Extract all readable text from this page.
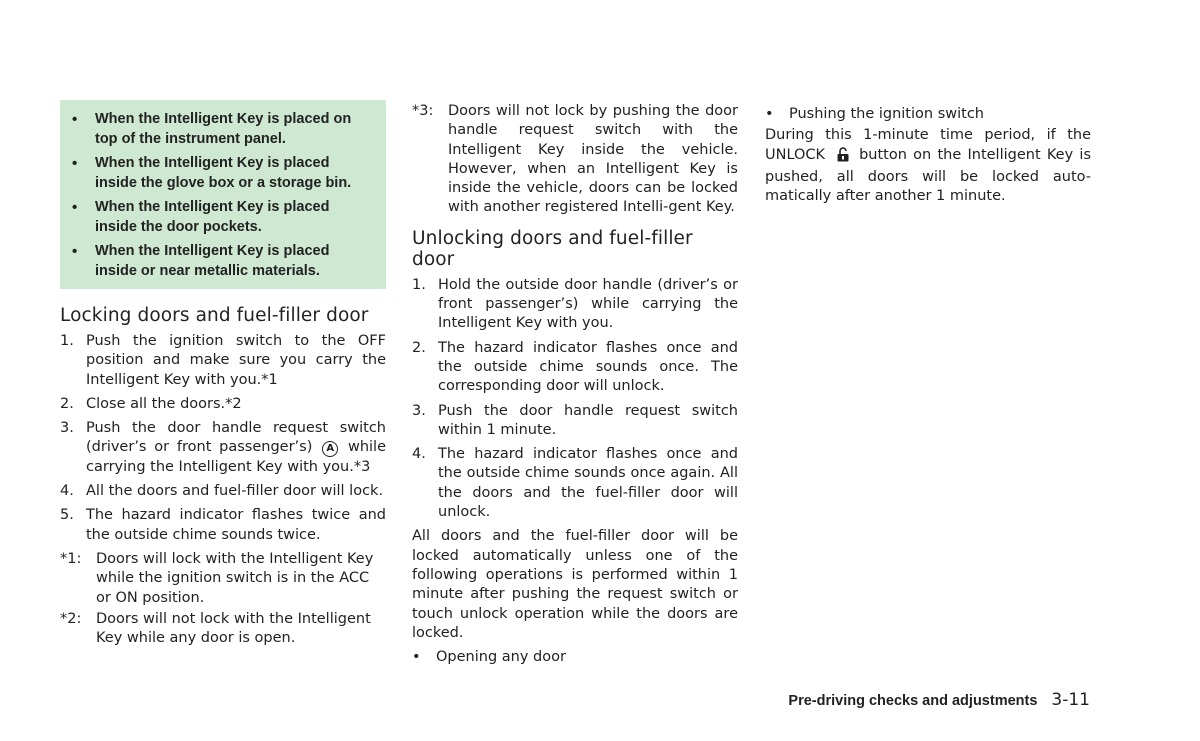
•
When the Intelligent Key is placed on top of the instrument panel.
•
When the Intelligent Key is placed inside the glove box or a storage bin.
•
When the Intelligent Key is placed inside the door pockets.
•
When the Intelligent Key is placed inside or near metallic materials.
Locking doors and fuel-filler door
1. Push the ignition switch to the OFF position and make sure you carry the Intelligent Key with you.*1
2. Close all the doors.*2
3. Push the door handle request switch (driver’s or front passenger’s) A while carrying the Intelligent Key with you.*3
4. All the doors and fuel-filler door will lock.
5. The hazard indicator flashes twice and the outside chime sounds twice.
*1:	Doors will lock with the Intelligent Key while the ignition switch is in the ACC or ON position.
*2:	Doors will not lock with the Intelligent Key while any door is open.
*3:	Doors will not lock by pushing the door handle request switch with the Intelligent Key inside the vehicle. However, when an Intelligent Key is inside the vehicle, doors can be locked with another registered Intelli-gent Key.
Unlocking doors and fuel-filler door
1. Hold the outside door handle (driver’s or front passenger’s) while carrying the Intelligent Key with you.
2. The hazard indicator flashes once and the outside chime sounds once. The corresponding door will unlock.
3. Push the door handle request switch within 1 minute.
4. The hazard indicator flashes once and the outside chime sounds once again. All the doors and the fuel-filler door will unlock.

All doors and the fuel-filler door will be locked automatically unless one of the following operations is performed within 1 minute after pushing the request switch or touch unlock operation while the doors are locked.

•
Opening any door
•
Pushing the ignition switch

During this 1-minute time period, if the UNLOCK button on the Intelligent Key is pushed, all doors will be locked auto-matically after another 1 minute.

Pre-driving checks and adjustments 3-11
